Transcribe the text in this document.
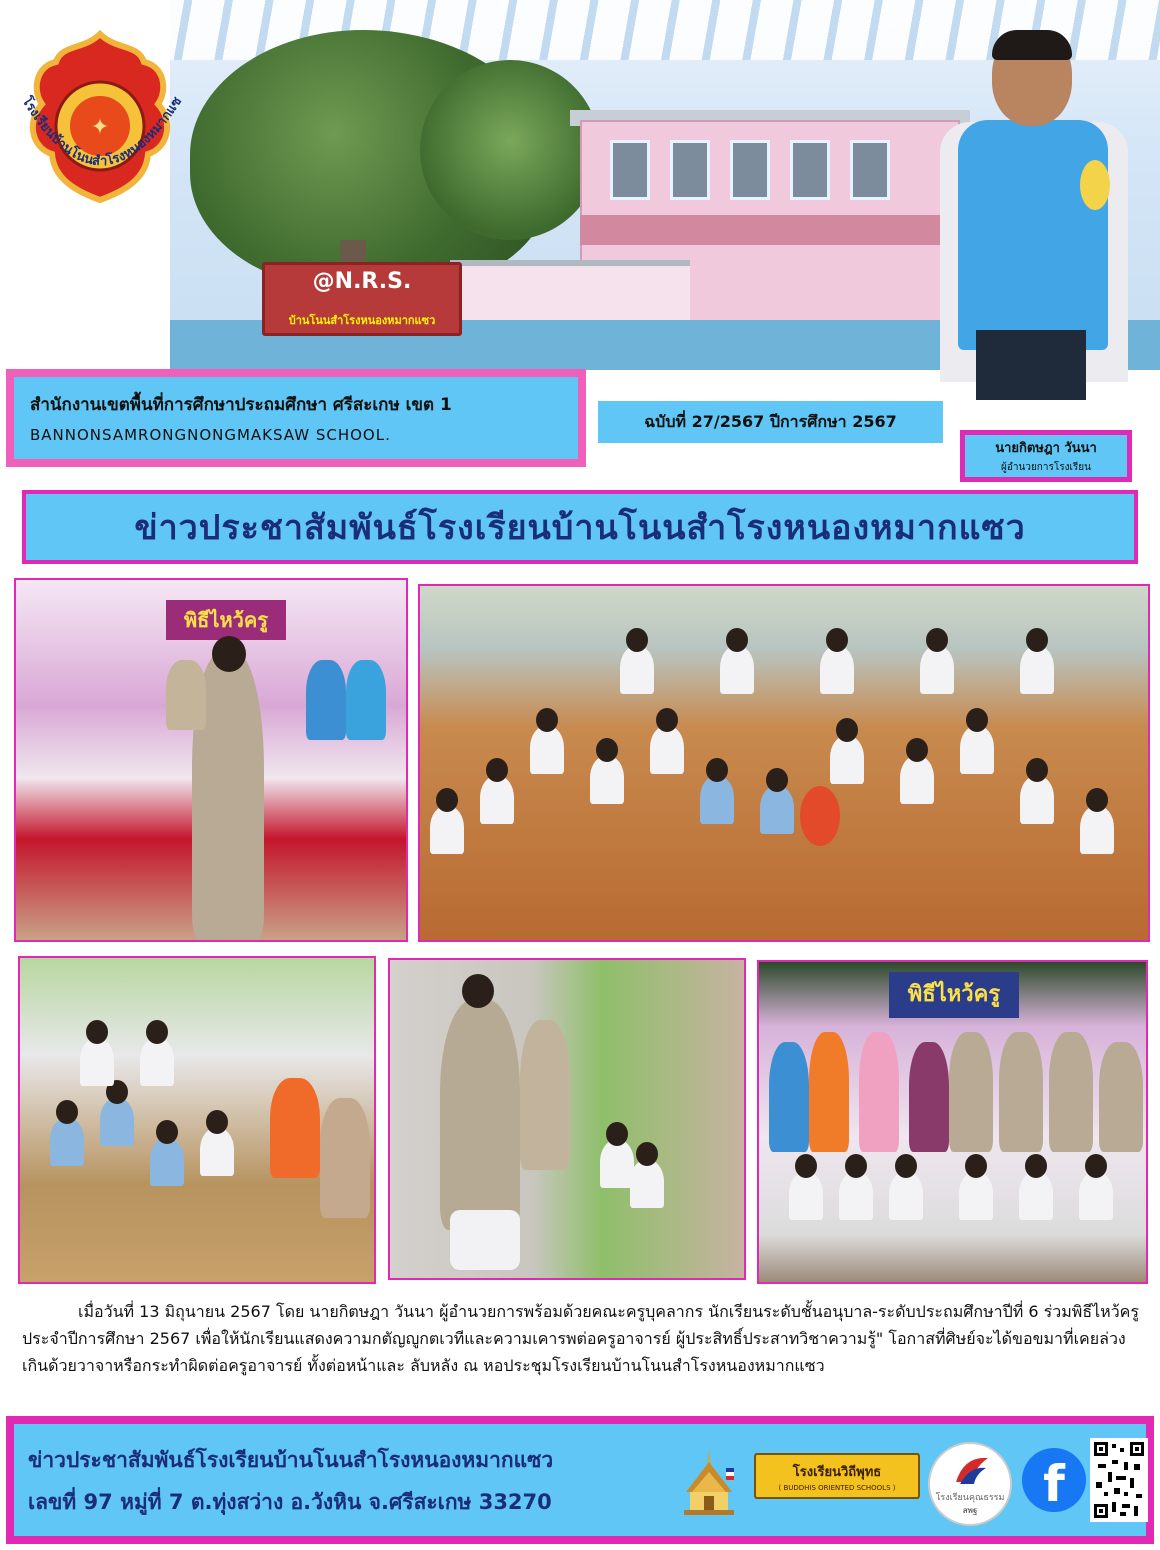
@N.R.S.
บ้านโนนสำโรงหนองหมากแซว
✦
โรงเรียนบ้านโนนสำโรงหนองหมากแซ
สำนักงานเขตพื้นที่การศึกษาประถมศึกษา ศรีสะเกษ เขต 1
BANNONSAMRONGNONGMAKSAW SCHOOL.
ฉบับที่ 27/2567 ปีการศึกษา 2567
นายกิตษฎา วันนา
ผู้อำนวยการโรงเรียน
ข่าวประชาสัมพันธ์โรงเรียนบ้านโนนสำโรงหนองหมากแซว
พิธีไหว้ครู
พิธีไหว้ครู
เมื่อวันที่ 13 มิถุนายน 2567 โดย นายกิตษฎา วันนา ผู้อำนวยการพร้อมด้วยคณะครูบุคลากร นักเรียนระดับชั้นอนุบาล-ระดับประถมศึกษาปีที่ 6 ร่วมพิธีไหว้ครูประจำปีการศึกษา 2567 เพื่อให้นักเรียนแสดงความกตัญญูกตเวทีและความเคารพต่อครูอาจารย์ ผู้ประสิทธิ์ประสาทวิชาความรู้" โอกาสที่ศิษย์จะได้ขอขมาที่เคยล่วงเกินด้วยวาจาหรือกระทำผิดต่อครูอาจารย์ ทั้งต่อหน้าและ ลับหลัง ณ หอประชุมโรงเรียนบ้านโนนสำโรงหนองหมากแซว
ข่าวประชาสัมพันธ์โรงเรียนบ้านโนนสำโรงหนองหมากแซว
เลขที่ 97 หมู่ที่ 7 ต.ทุ่งสว่าง อ.วังหิน จ.ศรีสะเกษ 33270
โรงเรียนวิถีพุทธ
( BUDDHIS ORIENTED SCHOOLS )
โรงเรียนคุณธรรม
สพฐ	f
